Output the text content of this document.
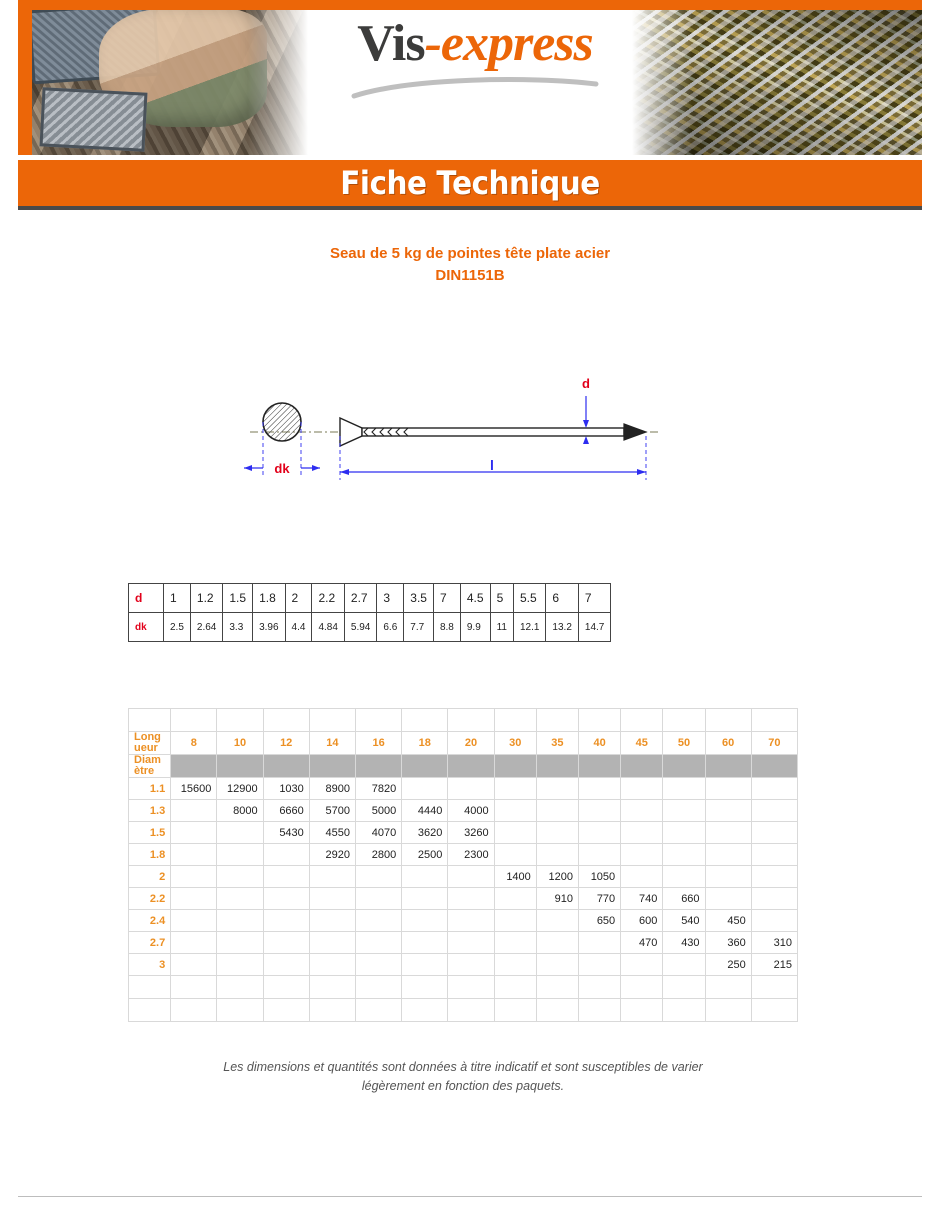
Vis-express
Fiche Technique
Seau de 5 kg de pointes tête plate acier
DIN1151B
dk
d
l
d	1	1.2	1.5	1.8	2	2.2	2.7	3	3.5	7	4.5	5	5.5	6	7
dk	2.5	2.64	3.3	3.96	4.4	4.84	5.94	6.6	7.7	8.8	9.9	11	12.1	13.2	14.7

Long
ueur	8	10	12	14	16	18	20	30	35	40	45	50	60	70

Diam
ètre														

1.1	15600	12900	1030	8900	7820									
1.3		8000	6660	5700	5000	4440	4000							
1.5			5430	4550	4070	3620	3260							
1.8				2920	2800	2500	2300							
2								1400	1200	1050				
2.2									910	770	740	660		
2.4										650	600	540	450	
2.7											470	430	360	310
3													250	215

Les dimensions et quantités sont données à titre indicatif et sont susceptibles de varier
légèrement en fonction des paquets.
